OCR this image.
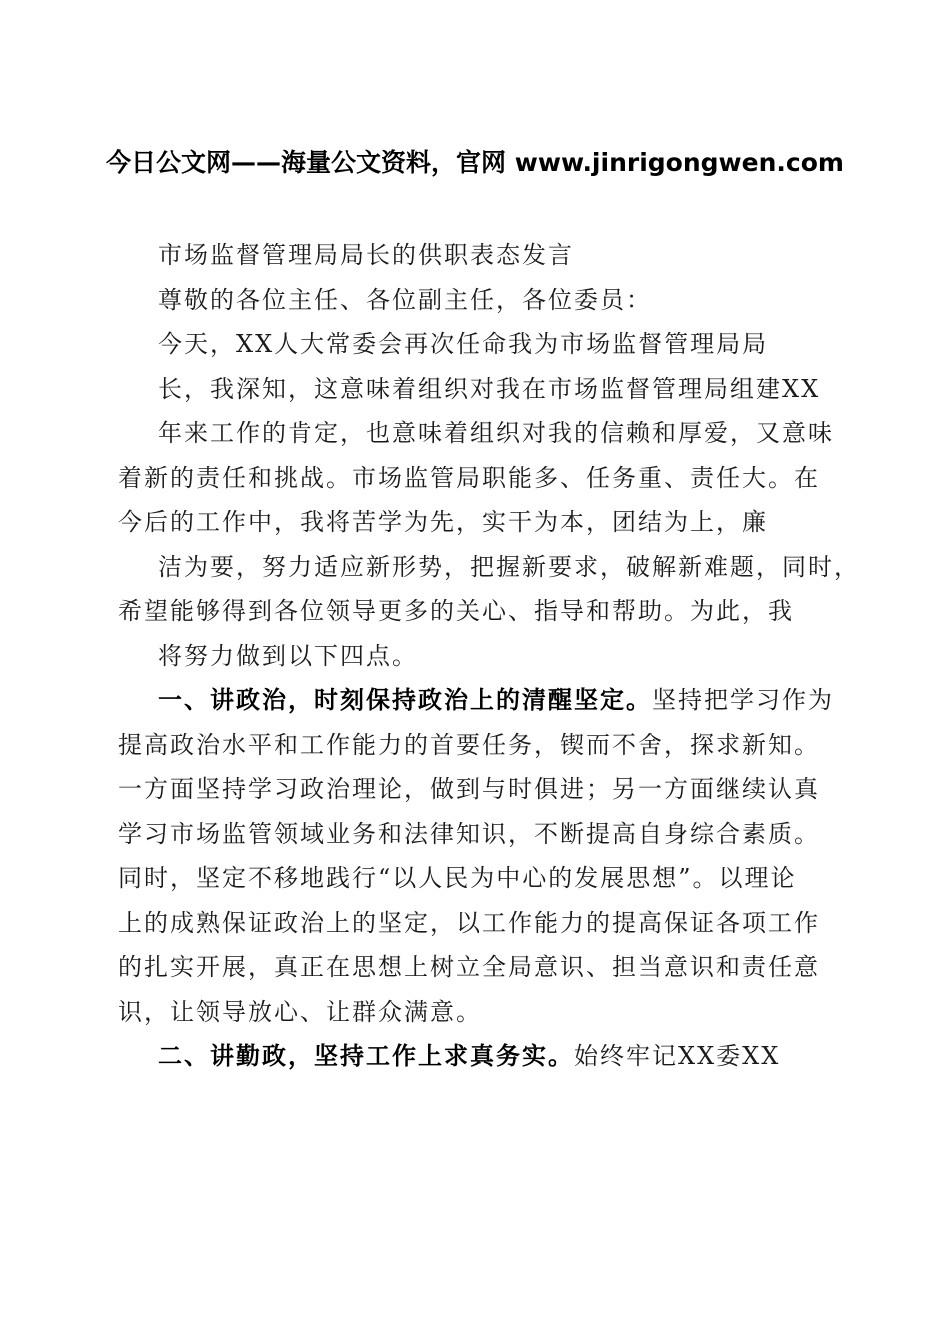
今日公文网——海量公文资料，官网 www.jinrigongwen.com
市场监督管理局局长的供职表态发言
尊敬的各位主任、各位副主任，各位委员：
今天，XX人大常委会再次任命我为市场监督管理局局
长，我深知，这意味着组织对我在市场监督管理局组建XX
年来工作的肯定，也意味着组织对我的信赖和厚爱，又意味
着新的责任和挑战。市场监管局职能多、任务重、责任大。在
今后的工作中，我将苦学为先，实干为本，团结为上，廉
洁为要，努力适应新形势，把握新要求，破解新难题，同时，
希望能够得到各位领导更多的关心、指导和帮助。为此，我
将努力做到以下四点。
一、讲政治，时刻保持政治上的清醒坚定。坚持把学习作为
提高政治水平和工作能力的首要任务，锲而不舍，探求新知。
一方面坚持学习政治理论，做到与时俱进；另一方面继续认真
学习市场监管领域业务和法律知识，不断提高自身综合素质。
同时，坚定不移地践行“以人民为中心的发展思想”。以理论
上的成熟保证政治上的坚定，以工作能力的提高保证各项工作
的扎实开展，真正在思想上树立全局意识、担当意识和责任意
识，让领导放心、让群众满意。
二、讲勤政，坚持工作上求真务实。始终牢记XX委XX
